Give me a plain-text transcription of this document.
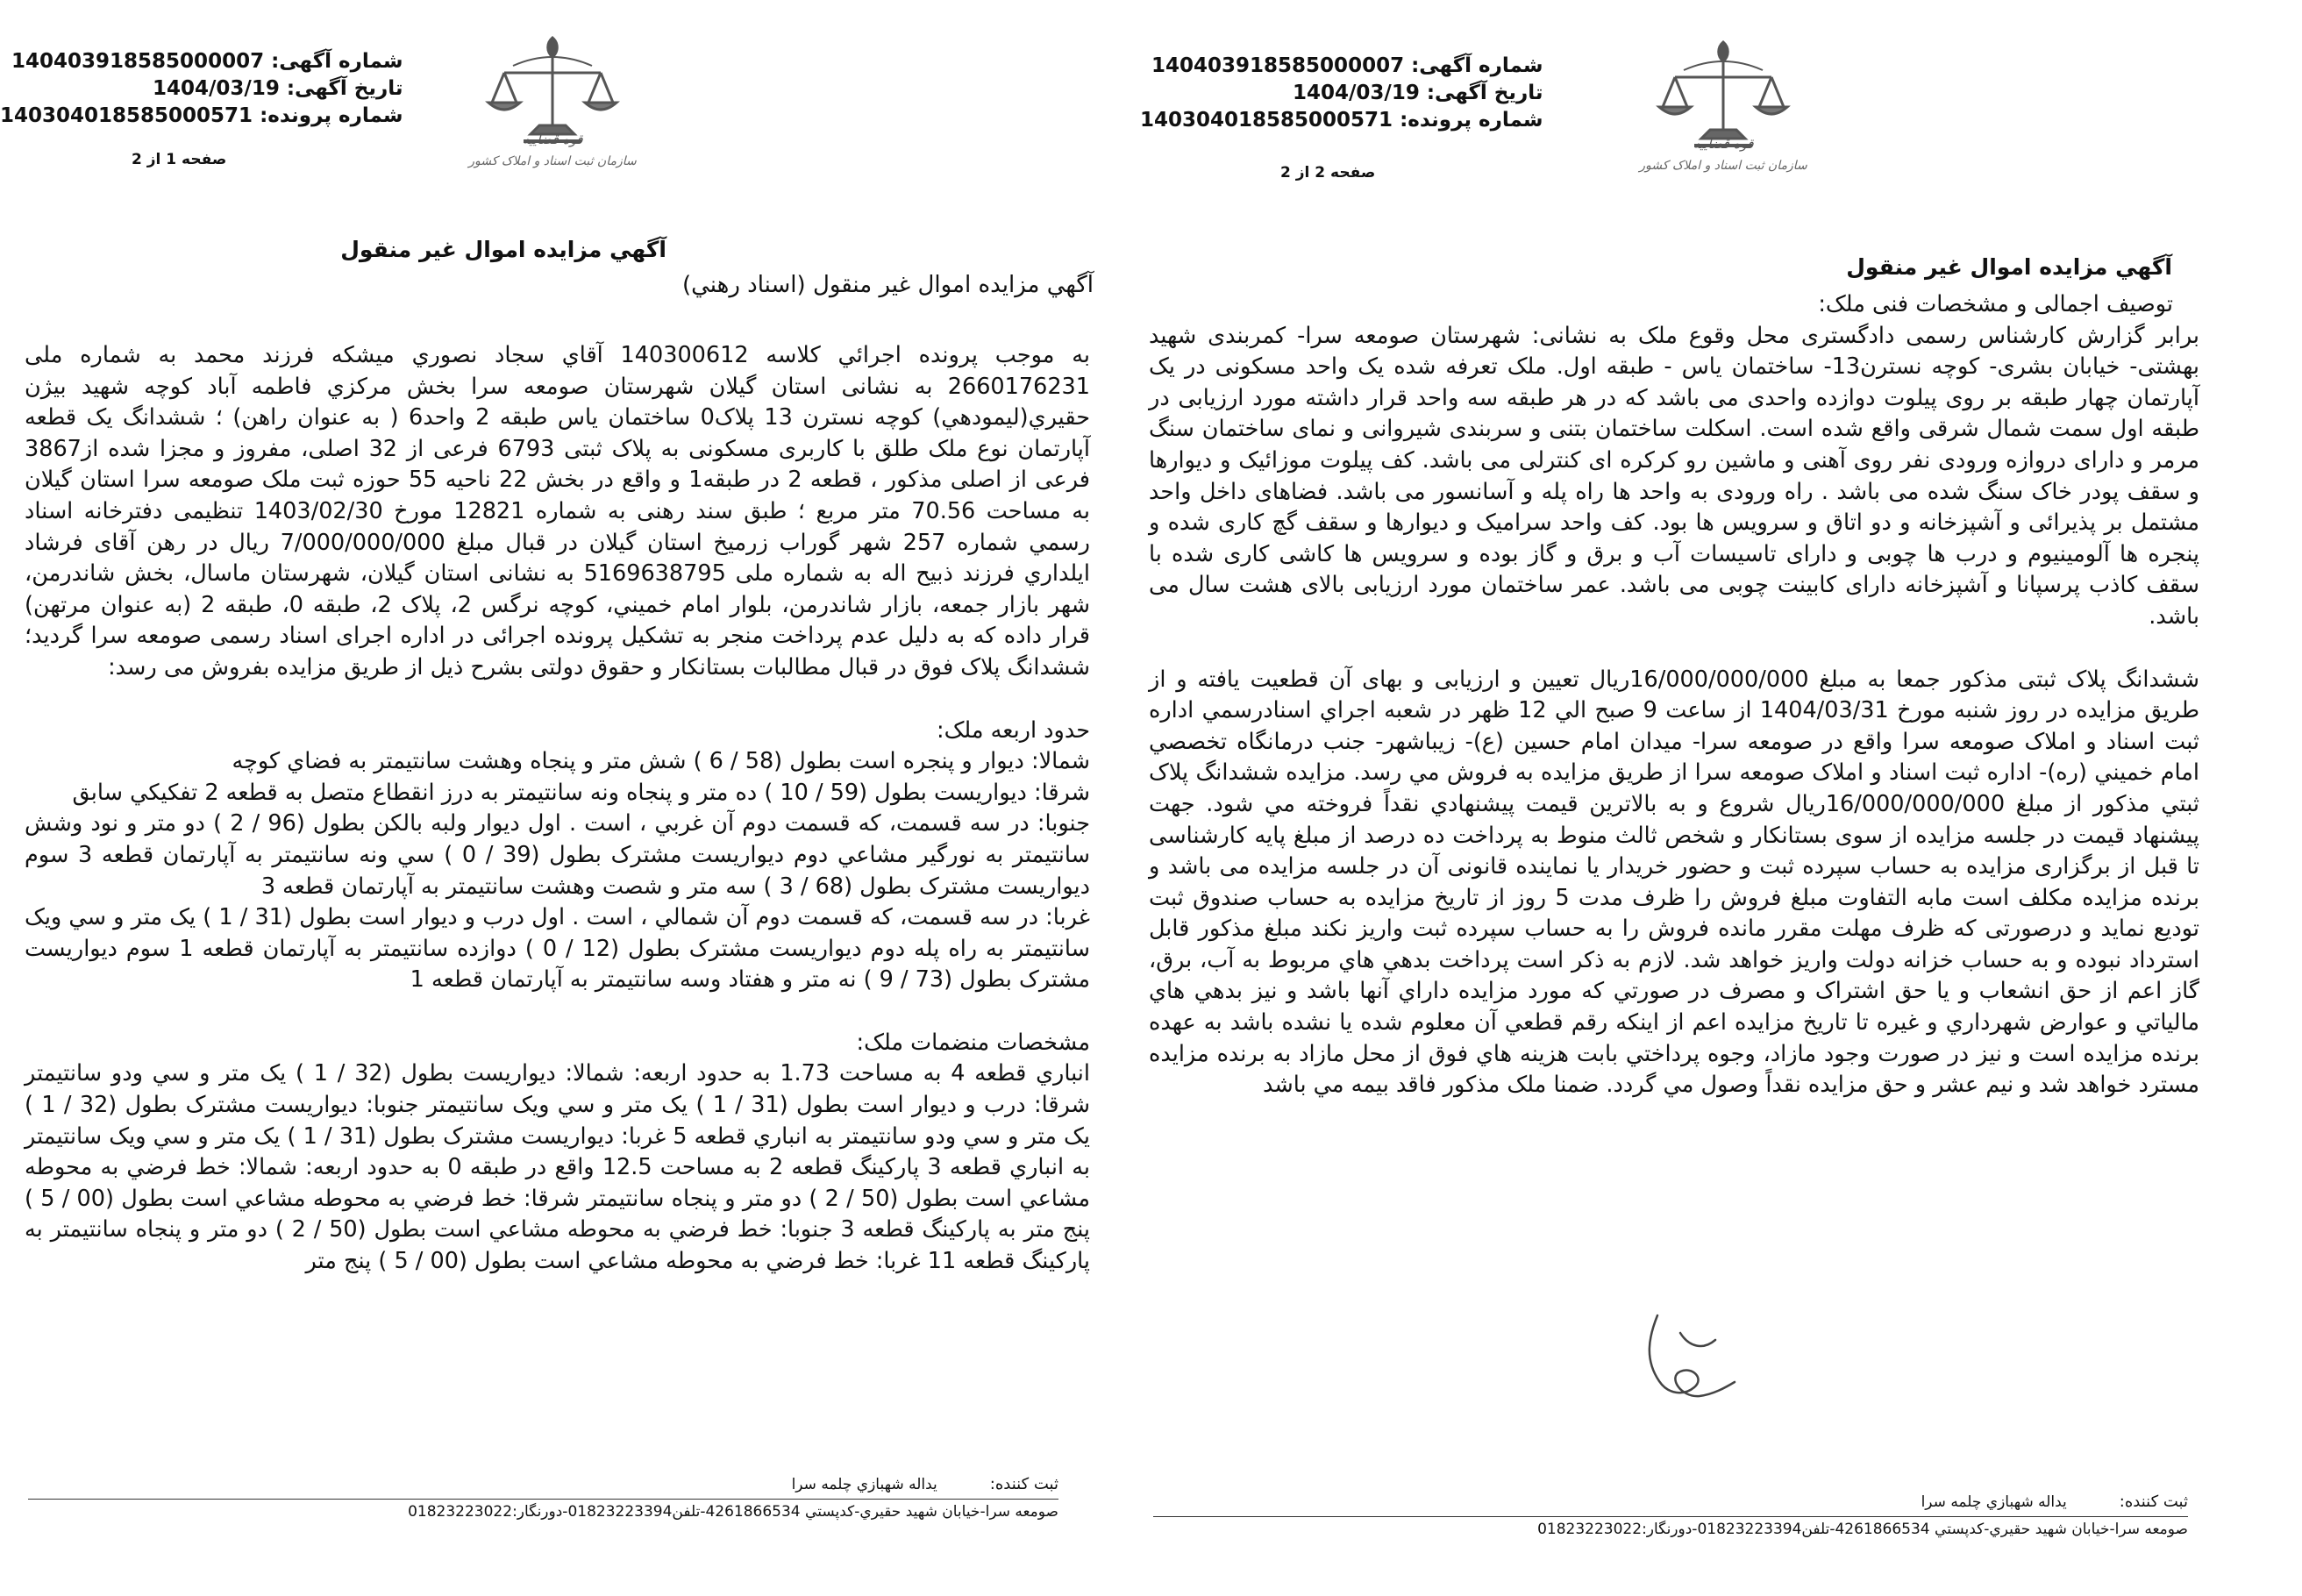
شماره آگهی: 140403918585000007
تاریخ آگهی: 1404/03/19
شماره پرونده: 140304018585000571
قوه قضاییه
سازمان ثبت اسناد و املاک کشور
صفحه 2 از 2
آگهي مزايده اموال غير منقول

توصیف اجمالی و مشخصات فنی ملک:

برابر گزارش کارشناس رسمی دادگستری محل وقوع ملک به نشانی: شهرستان صومعه سرا- کمربندی شهید بهشتی- خیابان بشری- کوچه نسترن13- ساختمان یاس - طبقه اول. ملک تعرفه شده یک واحد مسکونی در یک آپارتمان چهار طبقه بر روی پیلوت دوازده واحدی می باشد که در هر طبقه سه واحد قرار داشته مورد ارزیابی در طبقه اول سمت شمال شرقی واقع شده است. اسکلت ساختمان بتنی و سربندی شیروانی و نمای ساختمان سنگ مرمر و دارای دروازه ورودی نفر روی آهنی و ماشین رو کرکره ای کنترلی می باشد. کف پیلوت موزائیک و دیوارها و سقف پودر خاک سنگ شده می باشد . راه ورودی به واحد ها راه پله و آسانسور می باشد. فضاهای داخل واحد مشتمل بر پذیرائی و آشپزخانه و دو اتاق و سرویس ها بود. کف واحد سرامیک و دیوارها و سقف گچ کاری شده و پنجره ها آلومینیوم و درب ها چوبی و دارای تاسیسات آب و برق و گاز بوده و سرویس ها کاشی کاری شده با سقف کاذب پرسپانا و آشپزخانه دارای کابینت چوبی می باشد. عمر ساختمان مورد ارزیابی بالای هشت سال می باشد.

ششدانگ پلاک ثبتی مذکور جمعا به مبلغ 16/000/000/000ريال تعیین و ارزیابی و بهای آن قطعیت یافته و از طریق مزایده در روز شنبه مورخ 1404/03/31 از ساعت 9 صبح الي 12 ظهر در شعبه اجراي اسنادرسمي اداره ثبت اسناد و املاک صومعه سرا واقع در صومعه سرا- ميدان امام حسين (ع)- زيباشهر- جنب درمانگاه تخصصي امام خميني (ره)- اداره ثبت اسناد و املاک صومعه سرا از طريق مزايده به فروش مي رسد. مزايده ششدانگ پلاک ثبتي مذكور از مبلغ 16/000/000/000ريال شروع و به بالاترين قيمت پيشنهادي نقداً فروخته مي شود. جهت پیشنهاد قیمت در جلسه مزایده از سوی بستانكار و شخص ثالث منوط به پرداخت ده درصد از مبلغ پايه کارشناسی تا قبل از برگزاری مزايده به حساب سپرده ثبت و حضور خريدار يا نماينده قانونی آن در جلسه مزايده می باشد و برنده مزايده مكلف است مابه التفاوت مبلغ فروش را ظرف مدت 5 روز از تاريخ مزايده به حساب صندوق ثبت توديع نمايد و درصورتی كه ظرف مهلت مقرر مانده فروش را به حساب سپرده ثبت واريز نكند مبلغ مذكور قابل استرداد نبوده و به حساب خزانه دولت واريز خواهد شد. لازم به ذكر است پرداخت بدهي هاي مربوط به آب، برق، گاز اعم از حق انشعاب و يا حق اشتراک و مصرف در صورتي كه مورد مزايده داراي آنها باشد و نيز بدهي هاي مالياتي و عوارض شهرداري و غيره تا تاريخ مزايده اعم از اينكه رقم قطعي آن معلوم شده يا نشده باشد به عهده برنده مزايده است و نيز در صورت وجود مازاد، وجوه پرداختي بابت هزينه هاي فوق از محل مازاد به برنده مزايده مسترد خواهد شد و نيم عشر و حق مزايده نقداً وصول مي گردد. ضمنا ملک مذكور فاقد بيمه مي باشد

ثبت كننده:
يداله شهبازي چلمه سرا
صومعه سرا-خيابان شهيد حقيري-كدپستي 4261866534-تلفن01823223394-دورنگار:01823223022
شماره آگهی: 140403918585000007
تاریخ آگهی: 1404/03/19
شماره پرونده: 140304018585000571
قوه قضاییه
سازمان ثبت اسناد و املاک کشور
صفحه 1 از 2
آگهي مزايده اموال غير منقول
آگهي مزايده اموال غير منقول (اسناد رهني)

به موجب پرونده اجرائي كلاسه 140300612 آقاي سجاد نصوري ميشكه فرزند محمد به شماره ملی 2660176231 به نشانی استان گيلان شهرستان صومعه سرا بخش مركزي فاطمه آباد كوچه شهيد بيژن حقيري(ليمودهي) كوچه نسترن 13 پلاک0 ساختمان ياس طبقه 2 واحد6 ( به عنوان راهن) ؛ ششدانگ يک قطعه آپارتمان نوع ملک طلق با کاربری مسکونی به پلاک ثبتی 6793 فرعی از 32 اصلی، مفروز و مجزا شده از3867 فرعی از اصلی مذکور ، قطعه 2 در طبقه1 و واقع در بخش 22 ناحيه 55 حوزه ثبت ملک صومعه سرا استان گيلان به مساحت 70.56 متر مربع ؛ طبق سند رهنی به شماره 12821 مورخ 1403/02/30 تنظیمی دفترخانه اسناد رسمي شماره 257 شهر گوراب زرميخ استان گيلان در قبال مبلغ 7/000/000/000 ريال در رهن آقای فرشاد ايلداري فرزند ذبيح اله به شماره ملی 5169638795 به نشانی استان گيلان، شهرستان ماسال، بخش شاندرمن، شهر بازار جمعه، بازار شاندرمن، بلوار امام خميني، كوچه نرگس 2، پلاک 2، طبقه 0، طبقه 2 (به عنوان مرتهن) قرار داده که به دلیل عدم پرداخت منجر به تشکیل پرونده اجرائی در اداره اجرای اسناد رسمی صومعه سرا گرديد؛ ششدانگ پلاک فوق در قبال مطالبات بستانکار و حقوق دولتی بشرح ذیل از طریق مزایده بفروش می رسد:

حدود اربعه ملک:

شمالا: ديوار و پنجره است بطول (58 / 6 ) شش متر و پنجاه وهشت سانتيمتر به فضاي كوچه

شرقا: ديواريست بطول (59 / 10 ) ده متر و پنجاه ونه سانتيمتر به درز انقطاع متصل به قطعه 2 تفكيكي سابق

جنوبا: در سه قسمت، كه قسمت دوم آن غربي ، است . اول ديوار ولبه بالكن بطول (96 / 2 ) دو متر و نود وشش سانتيمتر به نورگير مشاعي دوم ديواريست مشترک بطول (39 / 0 ) سي ونه سانتيمتر به آپارتمان قطعه 3 سوم ديواريست مشترک بطول (68 / 3 ) سه متر و شصت وهشت سانتيمتر به آپارتمان قطعه 3

غربا: در سه قسمت، كه قسمت دوم آن شمالي ، است . اول درب و ديوار است بطول (31 / 1 ) يک متر و سي ويک سانتيمتر به راه پله دوم ديواريست مشترک بطول (12 / 0 ) دوازده سانتيمتر به آپارتمان قطعه 1 سوم ديواريست مشترک بطول (73 / 9 ) نه متر و هفتاد وسه سانتيمتر به آپارتمان قطعه 1

مشخصات منضمات ملک:

انباري قطعه 4 به مساحت 1.73 به حدود اربعه: شمالا: ديواريست بطول (32 / 1 ) يک متر و سي ودو سانتيمتر شرقا: درب و ديوار است بطول (31 / 1 ) يک متر و سي ويک سانتيمتر جنوبا: ديواريست مشترک بطول (32 / 1 ) يک متر و سي ودو سانتيمتر به انباري قطعه 5 غربا: ديواريست مشترک بطول (31 / 1 ) يک متر و سي ويک سانتيمتر به انباري قطعه 3 پاركينگ قطعه 2 به مساحت 12.5 واقع در طبقه 0 به حدود اربعه: شمالا: خط فرضي به محوطه مشاعي است بطول (50 / 2 ) دو متر و پنجاه سانتيمتر شرقا: خط فرضي به محوطه مشاعي است بطول (00 / 5 ) پنج متر به پاركينگ قطعه 3 جنوبا: خط فرضي به محوطه مشاعي است بطول (50 / 2 ) دو متر و پنجاه سانتيمتر به پاركينگ قطعه 11 غربا: خط فرضي به محوطه مشاعي است بطول (00 / 5 ) پنج متر

ثبت كننده:
يداله شهبازي چلمه سرا
صومعه سرا-خيابان شهيد حقيري-كدپستي 4261866534-تلفن01823223394-دورنگار:01823223022
